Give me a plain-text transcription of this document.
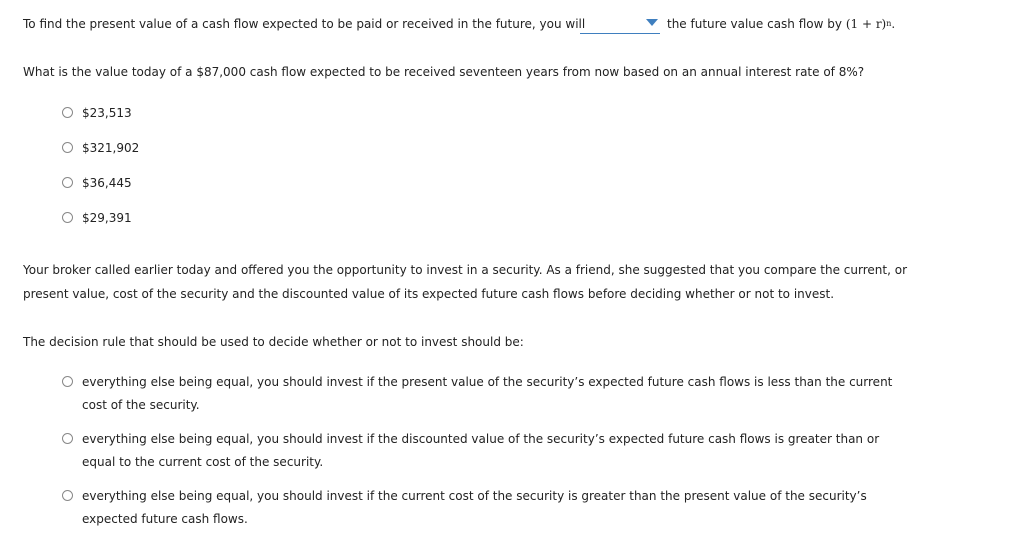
To find the present value of a cash flow expected to be paid or received in the future, you will	the future value cash flow by $(1 + r)^n$.
What is the value today of a $87,000 cash flow expected to be received seventeen years from now based on an annual interest rate of 8%?
$23,513
$321,902
$36,445
$29,391
Your broker called earlier today and offered you the opportunity to invest in a security. As a friend, she suggested that you compare the current, or present value, cost of the security and the discounted value of its expected future cash flows before deciding whether or not to invest.
The decision rule that should be used to decide whether or not to invest should be:
everything else being equal, you should invest if the present value of the security’s expected future cash flows is less than the current cost of the security.
everything else being equal, you should invest if the discounted value of the security’s expected future cash flows is greater than or equal to the current cost of the security.
everything else being equal, you should invest if the current cost of the security is greater than the present value of the security’s expected future cash flows.
